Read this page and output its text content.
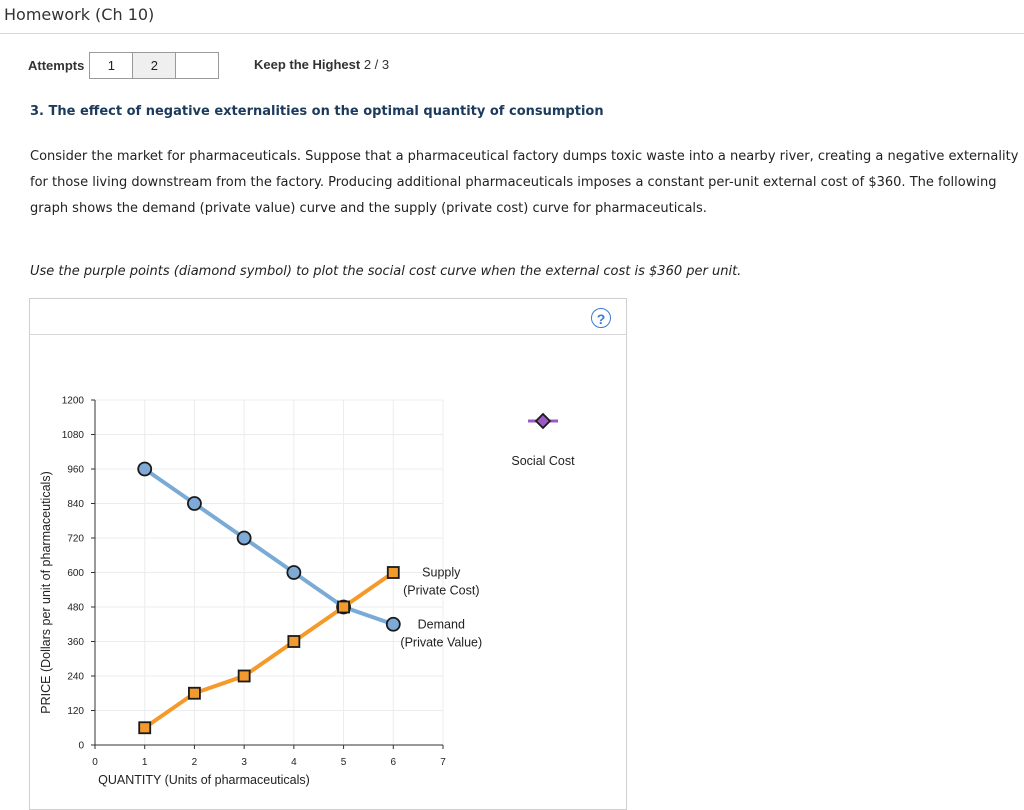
Homework (Ch 10)
Attempts	1	2	Keep the Highest 2 / 3
3. The effect of negative externalities on the optimal quantity of consumption
Consider the market for pharmaceuticals. Suppose that a pharmaceutical factory dumps toxic waste into a nearby river, creating a negative externality for those living downstream from the factory. Producing additional pharmaceuticals imposes a constant per-unit external cost of $360. The following graph shows the demand (private value) curve and the supply (private cost) curve for pharmaceuticals.
Use the purple points (diamond symbol) to plot the social cost curve when the external cost is $360 per unit.
?
0
120
240
360
480
600
720
840
960
1080
1200
0	1	2	3	4	5	6	7
QUANTITY (Units of pharmaceuticals)
PRICE (Dollars per unit of pharmaceuticals)	Demand
(Private Value)
Supply
(Private Cost)
Social Cost
